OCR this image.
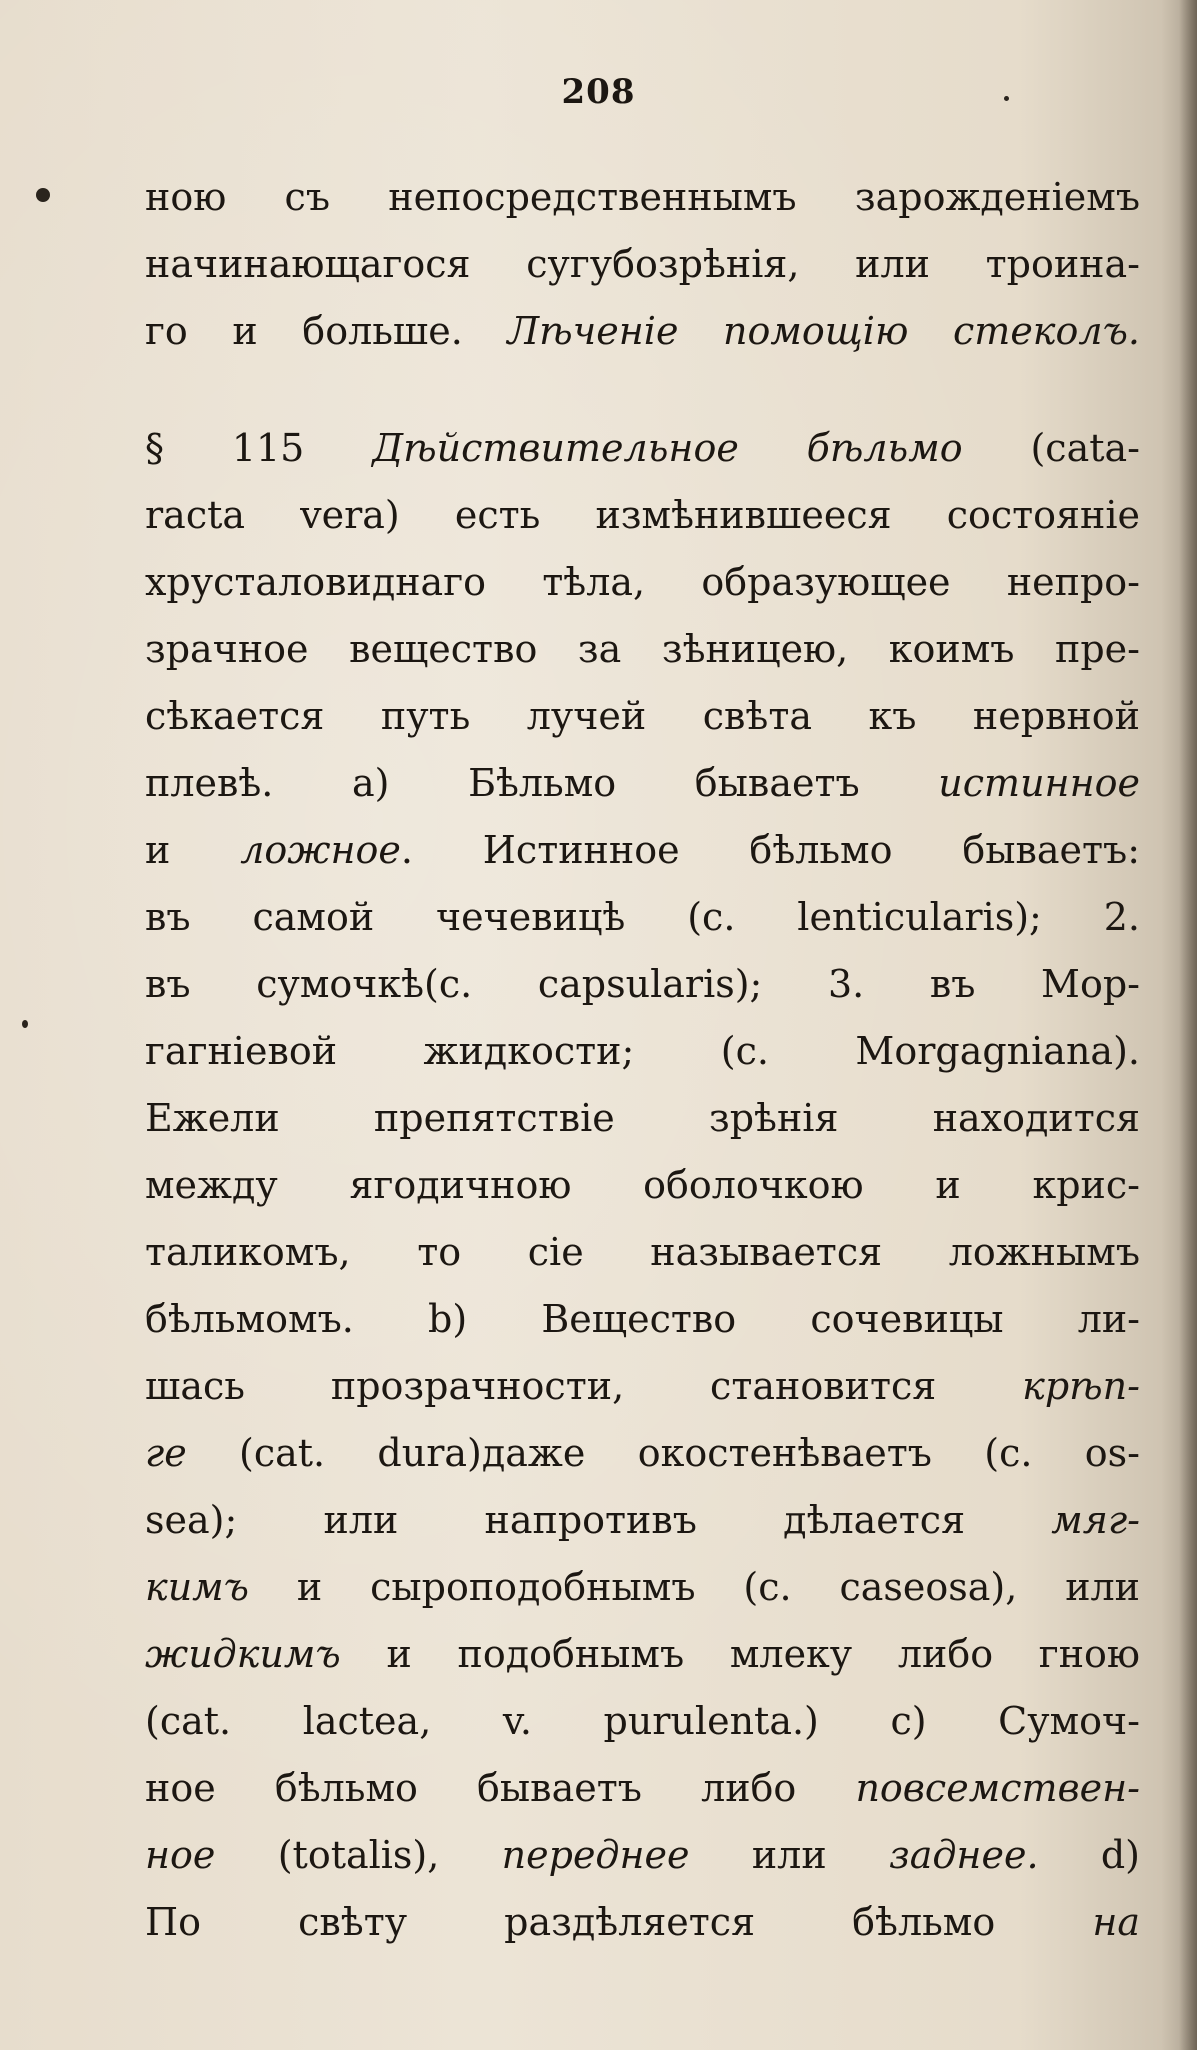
208
ною съ непосредственнымъ зарожденіемъ
начинающагося сугубозрѣнія, или троина-
го и больше. Лѣченіе помощію стеколъ.
§ 115 Дѣйствительное бѣльмо (cata-
racta vera) есть измѣнившееся состояніе
хрусталовиднаго тѣла, образующее непро-
зрачное вещество за зѣницею, коимъ пре-
сѣкается путь лучей свѣта къ нервной
плевѣ. a) Бѣльмо бываетъ истинное
и ложное. Истинное бѣльмо бываетъ:
въ самой чечевицѣ (c. lenticularis); 2.
въ сумочкѣ(c. capsularis); 3. въ Мор-
гагніевой жидкости; (c. Morgagniana).
Ежели препятствіе зрѣнія находится
между ягодичною оболочкою и крис-
таликомъ, то сіе называется ложнымъ
бѣльмомъ. b) Вещество сочевицы ли-
шась прозрачности, становится крѣп-
ге (cat. dura)даже окостенѣваетъ (c. os-
sea); или напротивъ дѣлается мяг-
кимъ и сыроподобнымъ (c. caseosa), или
жидкимъ и подобнымъ млеку либо гною
(cat. lactea, v. purulenta.) c) Сумоч-
ное бѣльмо бываетъ либо повсемствен-
ное (totalis), переднее или заднее. d)
По свѣту раздѣляется бѣльмо на
